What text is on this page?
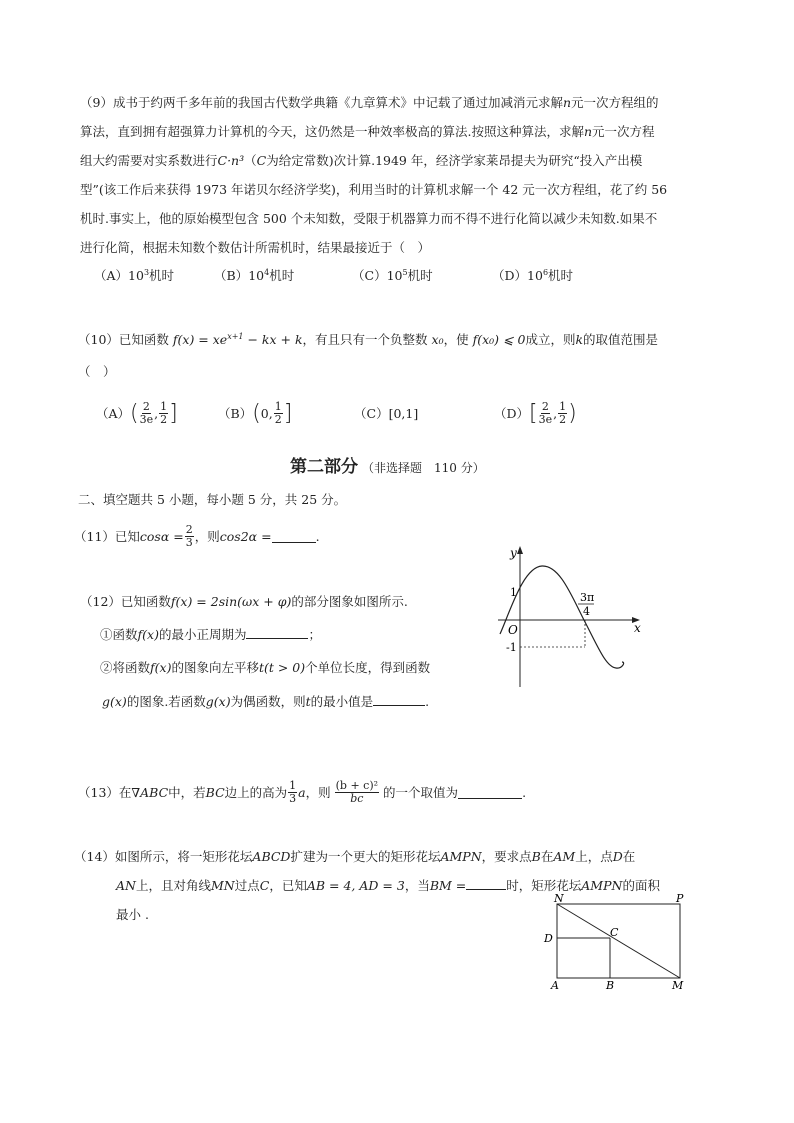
（9）成书于约两千多年前的我国古代数学典籍《九章算术》中记载了通过加减消元求解n元一次方程组的
算法，直到拥有超强算力计算机的今天，这仍然是一种效率极高的算法.按照这种算法，求解n元一次方程
组大约需要对实系数进行C·n³（C为给定常数)次计算.1949 年，经济学家莱昂提夫为研究“投入产出模
型”(该工作后来获得 1973 年诺贝尔经济学奖)，利用当时的计算机求解一个 42 元一次方程组，花了约 56
机时.事实上，他的原始模型包含 500 个未知数，受限于机器算力而不得不进行化简以减少未知数.如果不
进行化简，根据未知数个数估计所需机时，结果最接近于（　）
$(A)10^3$机时	$(B)10^4$机时	$(C)10^5$机时	$(D)10^6$机时
（10）已知函数 $f(x) = xe^{x+1}$ − kx + k，有且只有一个负整数 x₀，使 f(x₀) ⩽ 0成立，则k的取值范围是
（　）
（A） ( $\frac{2}{3e}$ , $\frac{1}{2}$ ]	（B） ( 0 , $\frac{1}{2}$ ]	（C） [0,1]	（D） [ $\frac{2}{3e}$ , $\frac{1}{2}$ )
第二部分 （非选择题　110 分）
二、填空题共 5 小题，每小题 5 分，共 25 分。
（11）已知 $\cos\alpha = \frac{2}{3}$ ，则 cos2α =	.
（12）已知函数f(x) = 2sin(ωx + φ)的部分图象如图所示.
①函数f(x)的最小正周期为	；
②将函数f(x)的图象向左平移t(t > 0)个单位长度，得到函数
g(x)的图象.若函数g(x)为偶函数，则t的最小值是	.
y
x
O
1
-1
3π
4
（13）在 ∇ABC 中，若 BC 边上的高为 $\frac{1}{3}$ a ，则 $\frac{\text{(b + c)²}}{bc}$ 的一个取值为	.
（14）如图所示，将一矩形花坛ABCD扩建为一个更大的矩形花坛AMPN，要求点B在AM上，点D在
AN上，且对角线MN过点C，已知AB = 4, AD = 3，当BM =	时，矩形花坛AMPN的面积
最小 .
N	P
D	C
A	B	M
